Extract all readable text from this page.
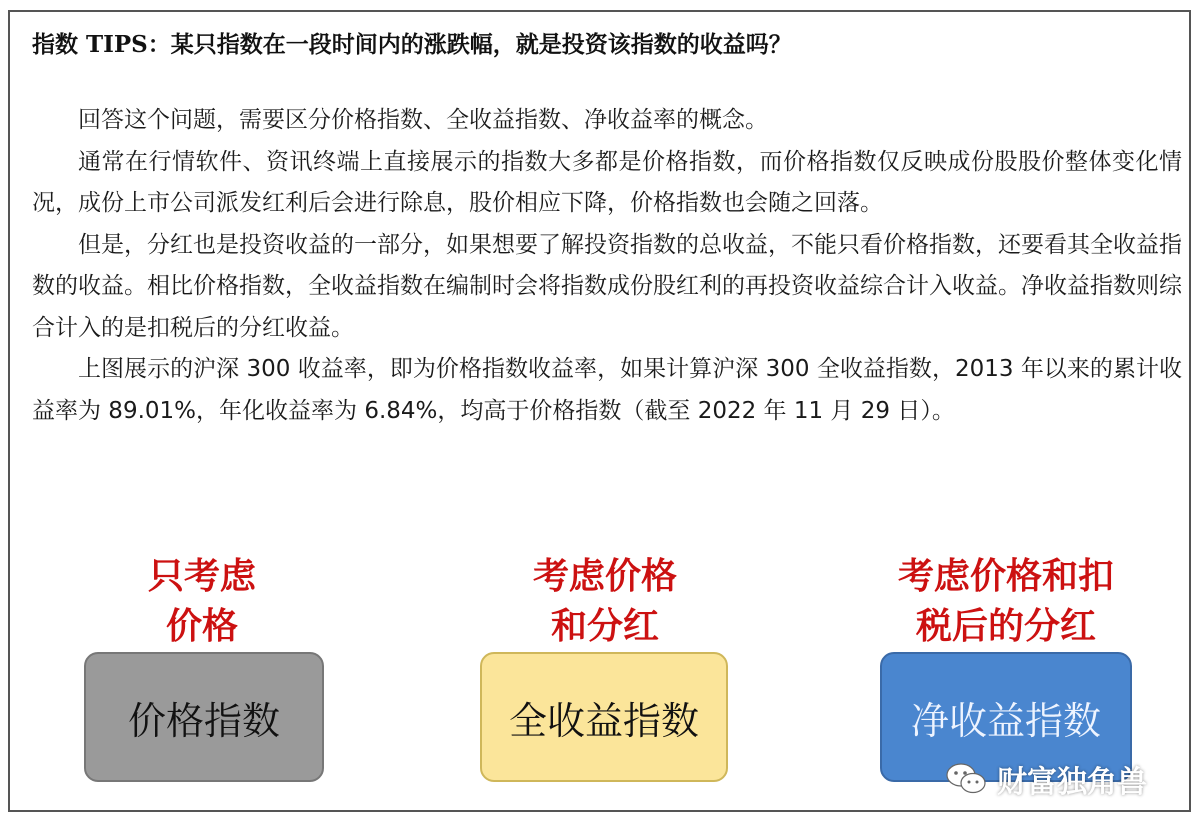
指数 TIPS：某只指数在一段时间内的涨跌幅，就是投资该指数的收益吗？

回答这个问题，需要区分价格指数、全收益指数、净收益率的概念。

通常在行情软件、资讯终端上直接展示的指数大多都是价格指数，而价格指数仅反映成份股股价整体变化情况，成份上市公司派发红利后会进行除息，股价相应下降，价格指数也会随之回落。

但是，分红也是投资收益的一部分，如果想要了解投资指数的总收益，不能只看价格指数，还要看其全收益指数的收益。相比价格指数，全收益指数在编制时会将指数成份股红利的再投资收益综合计入收益。净收益指数则综合计入的是扣税后的分红收益。

上图展示的沪深 300 收益率，即为价格指数收益率，如果计算沪深 300 全收益指数，2013 年以来的累计收益率为 89.01%，年化收益率为 6.84%，均高于价格指数（截至 2022 年 11 月 29 日）。

只考虑
价格
考虑价格
和分红
考虑价格和扣
税后的分红
价格指数	全收益指数	净收益指数
财富独角兽
